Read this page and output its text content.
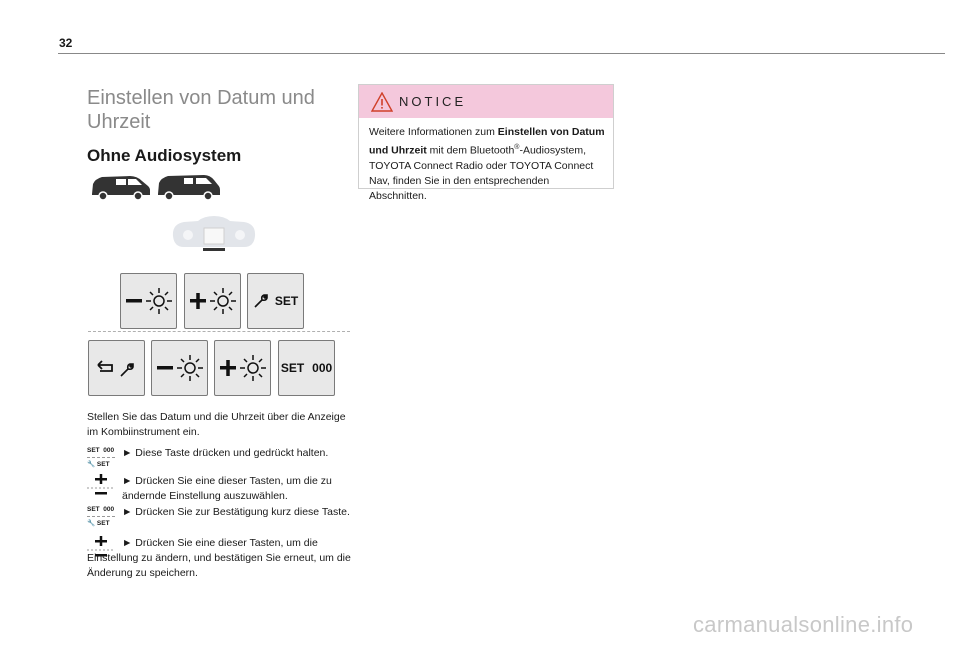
32
Einstellen von Datum und Uhrzeit
Ohne Audiosystem
SET
SET 000
Stellen Sie das Datum und die Uhrzeit über die Anzeige im Kombiinstrument ein.
SET 000
🔧 SET
► Diese Taste drücken und gedrückt halten.
► Drücken Sie eine dieser Tasten, um die zu ändernde Einstellung auszuwählen.
SET 000
🔧 SET
► Drücken Sie zur Bestätigung kurz diese Taste.
► Drücken Sie eine dieser Tasten, um die Einstellung zu ändern, und bestätigen Sie erneut, um die Änderung zu speichern.
NOTICE
Weitere Informationen zum Einstellen von Datum und Uhrzeit mit dem Bluetooth®-Audiosystem, TOYOTA Connect Radio oder TOYOTA Connect Nav, finden Sie in den entsprechenden Abschnitten.
carmanualsonline.info
